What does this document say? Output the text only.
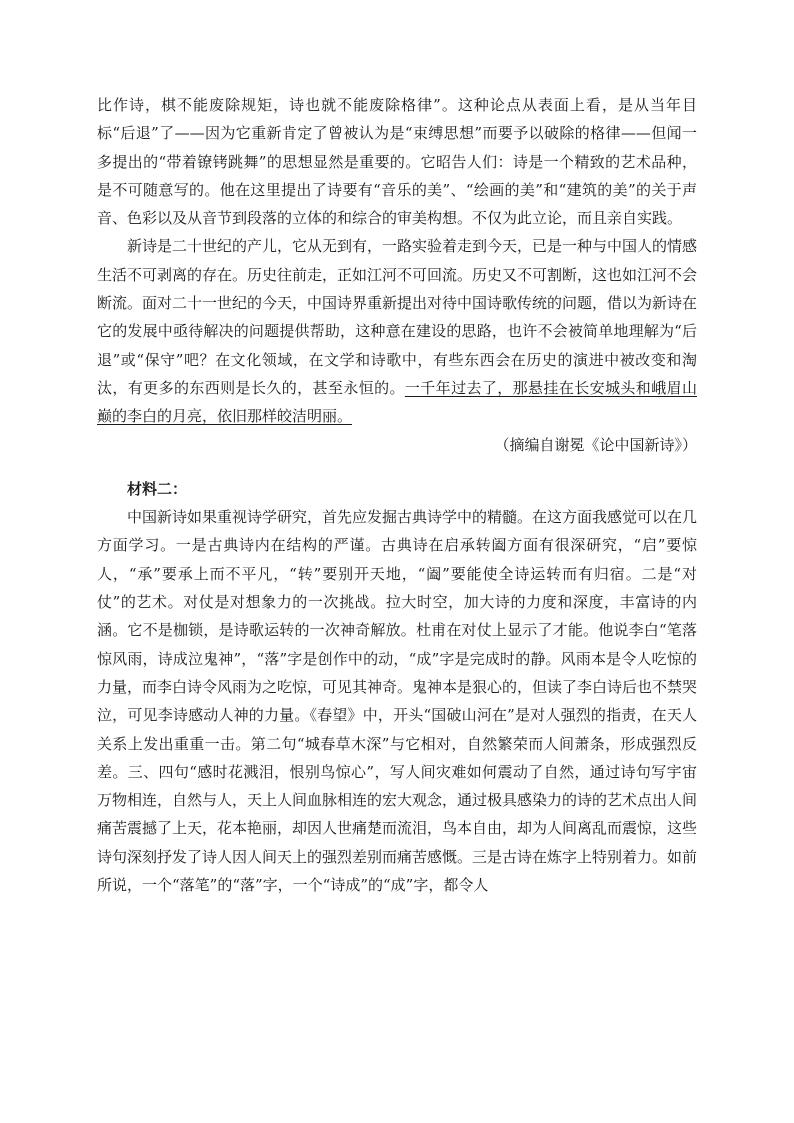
比作诗，棋不能废除规矩，诗也就不能废除格律”。这种论点从表面上看，是从当年目标“后退”了——因为它重新肯定了曾被认为是“束缚思想”而要予以破除的格律——但闻一多提出的“带着镣铐跳舞”的思想显然是重要的。它昭告人们：诗是一个精致的艺术品种，是不可随意写的。他在这里提出了诗要有“音乐的美”、“绘画的美”和“建筑的美”的关于声音、色彩以及从音节到段落的立体的和综合的审美构想。不仅为此立论，而且亲自实践。

新诗是二十世纪的产儿，它从无到有，一路实验着走到今天，已是一种与中国人的情感生活不可剥离的存在。历史往前走，正如江河不可回流。历史又不可割断，这也如江河不会断流。面对二十一世纪的今天，中国诗界重新提出对待中国诗歌传统的问题，借以为新诗在它的发展中亟待解决的问题提供帮助，这种意在建设的思路，也许不会被简单地理解为“后退”或“保守”吧？在文化领域，在文学和诗歌中，有些东西会在历史的演进中被改变和淘汰，有更多的东西则是长久的，甚至永恒的。一千年过去了，那悬挂在长安城头和峨眉山巅的李白的月亮，依旧那样皎洁明丽。

（摘编自谢冕《论中国新诗》）

材料二：

中国新诗如果重视诗学研究，首先应发掘古典诗学中的精髓。在这方面我感觉可以在几方面学习。一是古典诗内在结构的严谨。古典诗在启承转阖方面有很深研究，“启”要惊人，“承”要承上而不平凡，“转”要别开天地，“阖”要能使全诗运转而有归宿。二是“对仗”的艺术。对仗是对想象力的一次挑战。拉大时空，加大诗的力度和深度，丰富诗的内涵。它不是枷锁，是诗歌运转的一次神奇解放。杜甫在对仗上显示了才能。他说李白“笔落惊风雨，诗成泣鬼神”，“落”字是创作中的动，“成”字是完成时的静。风雨本是令人吃惊的力量，而李白诗令风雨为之吃惊，可见其神奇。鬼神本是狠心的，但读了李白诗后也不禁哭泣，可见李诗感动人神的力量。《春望》中，开头“国破山河在”是对人强烈的指责，在天人关系上发出重重一击。第二句“城春草木深”与它相对，自然繁荣而人间萧条，形成强烈反差。三、四句“感时花溅泪，恨别鸟惊心”，写人间灾难如何震动了自然，通过诗句写宇宙万物相连，自然与人，天上人间血脉相连的宏大观念，通过极具感染力的诗的艺术点出人间痛苦震撼了上天，花本艳丽，却因人世痛楚而流泪，鸟本自由，却为人间离乱而震惊，这些诗句深刻抒发了诗人因人间天上的强烈差别而痛苦感慨。三是古诗在炼字上特别着力。如前所说，一个“落笔”的“落”字，一个“诗成”的“成”字，都令人
